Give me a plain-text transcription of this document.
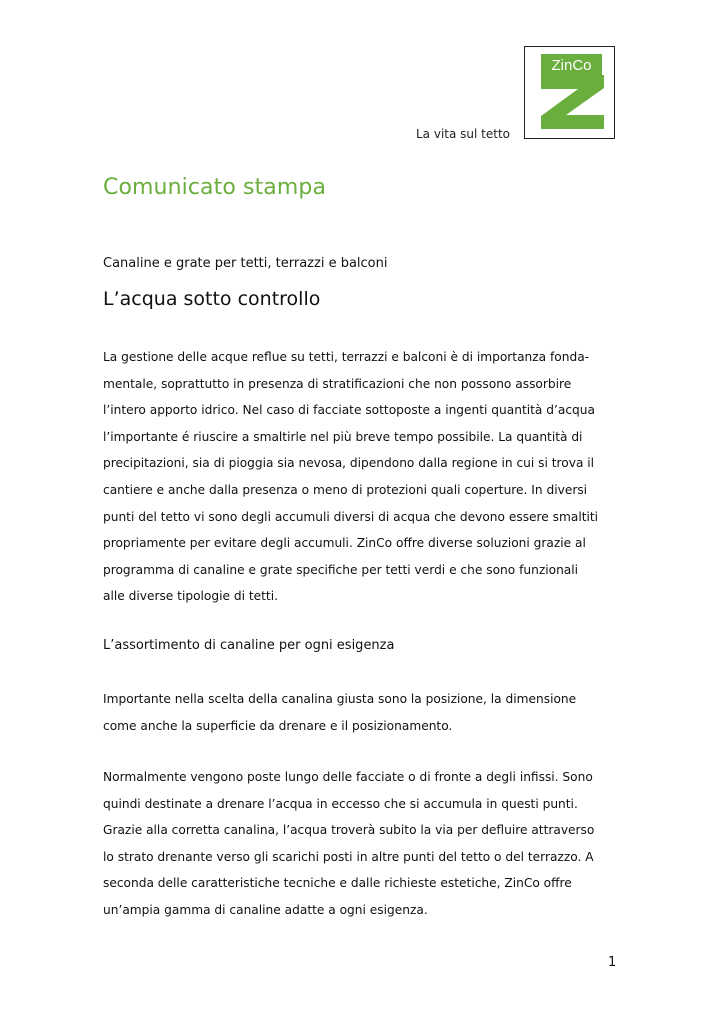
ZinCo
La vita sul tetto
Comunicato stampa
Canaline e grate per tetti, terrazzi e balconi
L’acqua sotto controllo

La gestione delle acque reflue su tetti, terrazzi e balconi è di importanza fonda-
mentale, soprattutto in presenza di stratificazioni che non possono assorbire
l’intero apporto idrico. Nel caso di facciate sottoposte a ingenti quantità d’acqua
l’importante é riuscire a smaltirle nel più breve tempo possibile. La quantità di
precipitazioni, sia di pioggia sia nevosa, dipendono dalla regione in cui si trova il
cantiere e anche dalla presenza o meno di protezioni quali coperture. In diversi
punti del tetto vi sono degli accumuli diversi di acqua che devono essere smaltiti
propriamente per evitare degli accumuli. ZinCo offre diverse soluzioni grazie al
programma di canaline e grate specifiche per tetti verdi e che sono funzionali
alle diverse tipologie di tetti.

L’assortimento di canaline per ogni esigenza

Importante nella scelta della canalina giusta sono la posizione, la dimensione
come anche la superficie da drenare e il posizionamento.

Normalmente vengono poste lungo delle facciate o di fronte a degli infissi. Sono
quindi destinate a drenare l’acqua in eccesso che si accumula in questi punti.
Grazie alla corretta canalina, l’acqua troverà subito la via per defluire attraverso
lo strato drenante verso gli scarichi posti in altre punti del tetto o del terrazzo. A
seconda delle caratteristiche tecniche e dalle richieste estetiche, ZinCo offre
un’ampia gamma di canaline adatte a ogni esigenza.

1
